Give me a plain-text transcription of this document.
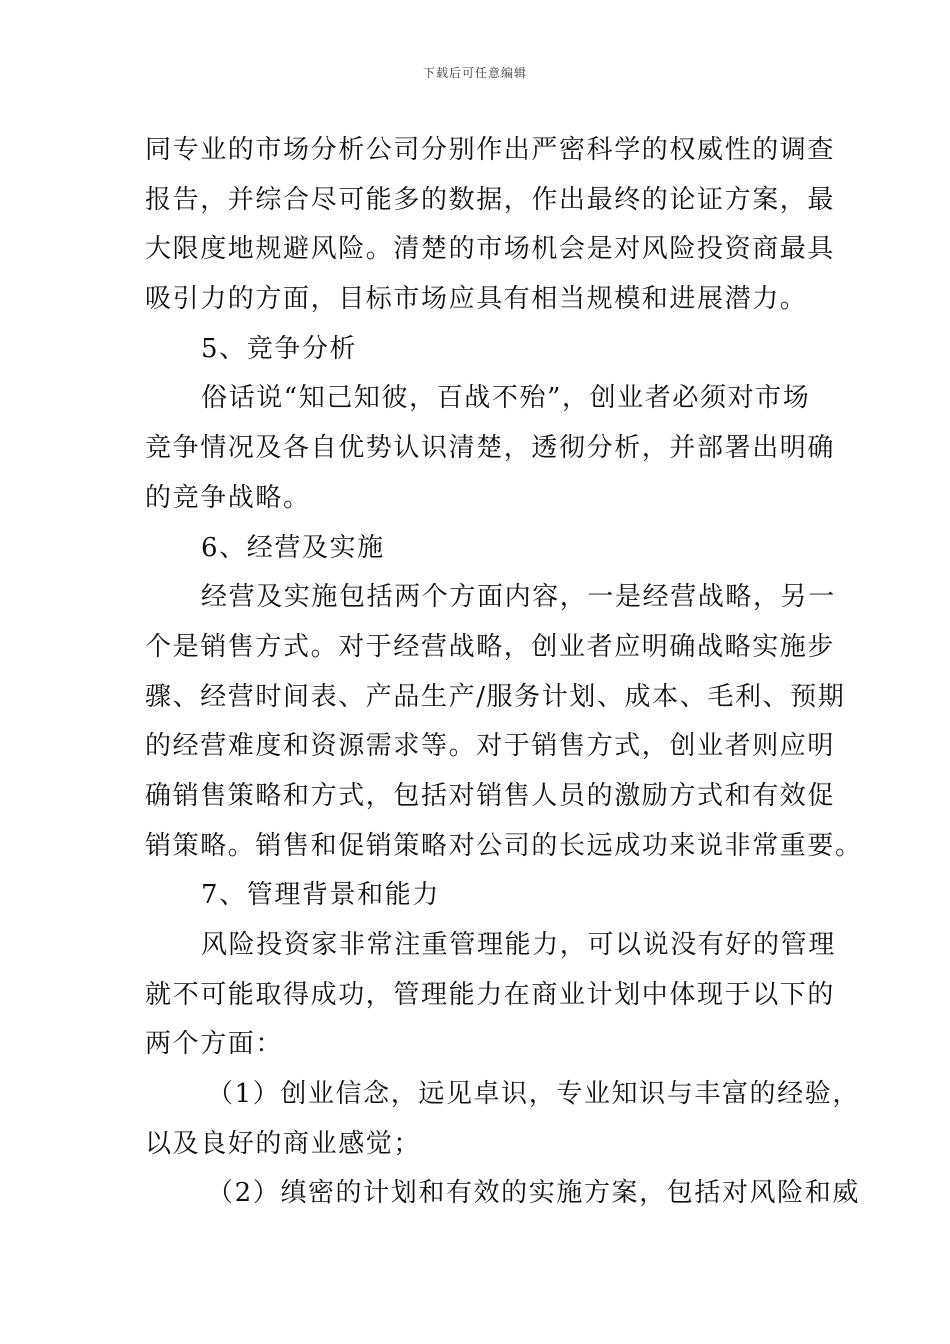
下载后可任意编辑
同专业的市场分析公司分别作出严密科学的权威性的调查
报告，并综合尽可能多的数据，作出最终的论证方案，最
大限度地规避风险。清楚的市场机会是对风险投资商最具
吸引力的方面，目标市场应具有相当规模和进展潜力。
5、竞争分析
俗话说“知己知彼，百战不殆”，创业者必须对市场
竞争情况及各自优势认识清楚，透彻分析，并部署出明确
的竞争战略。
6、经营及实施
经营及实施包括两个方面内容，一是经营战略，另一
个是销售方式。对于经营战略，创业者应明确战略实施步
骤、经营时间表、产品生产/服务计划、成本、毛利、预期
的经营难度和资源需求等。对于销售方式，创业者则应明
确销售策略和方式，包括对销售人员的激励方式和有效促
销策略。销售和促销策略对公司的长远成功来说非常重要。
7、管理背景和能力
风险投资家非常注重管理能力，可以说没有好的管理
就不可能取得成功，管理能力在商业计划中体现于以下的
两个方面：
（1）创业信念，远见卓识，专业知识与丰富的经验，
以及良好的商业感觉；
（2）缜密的计划和有效的实施方案，包括对风险和威
